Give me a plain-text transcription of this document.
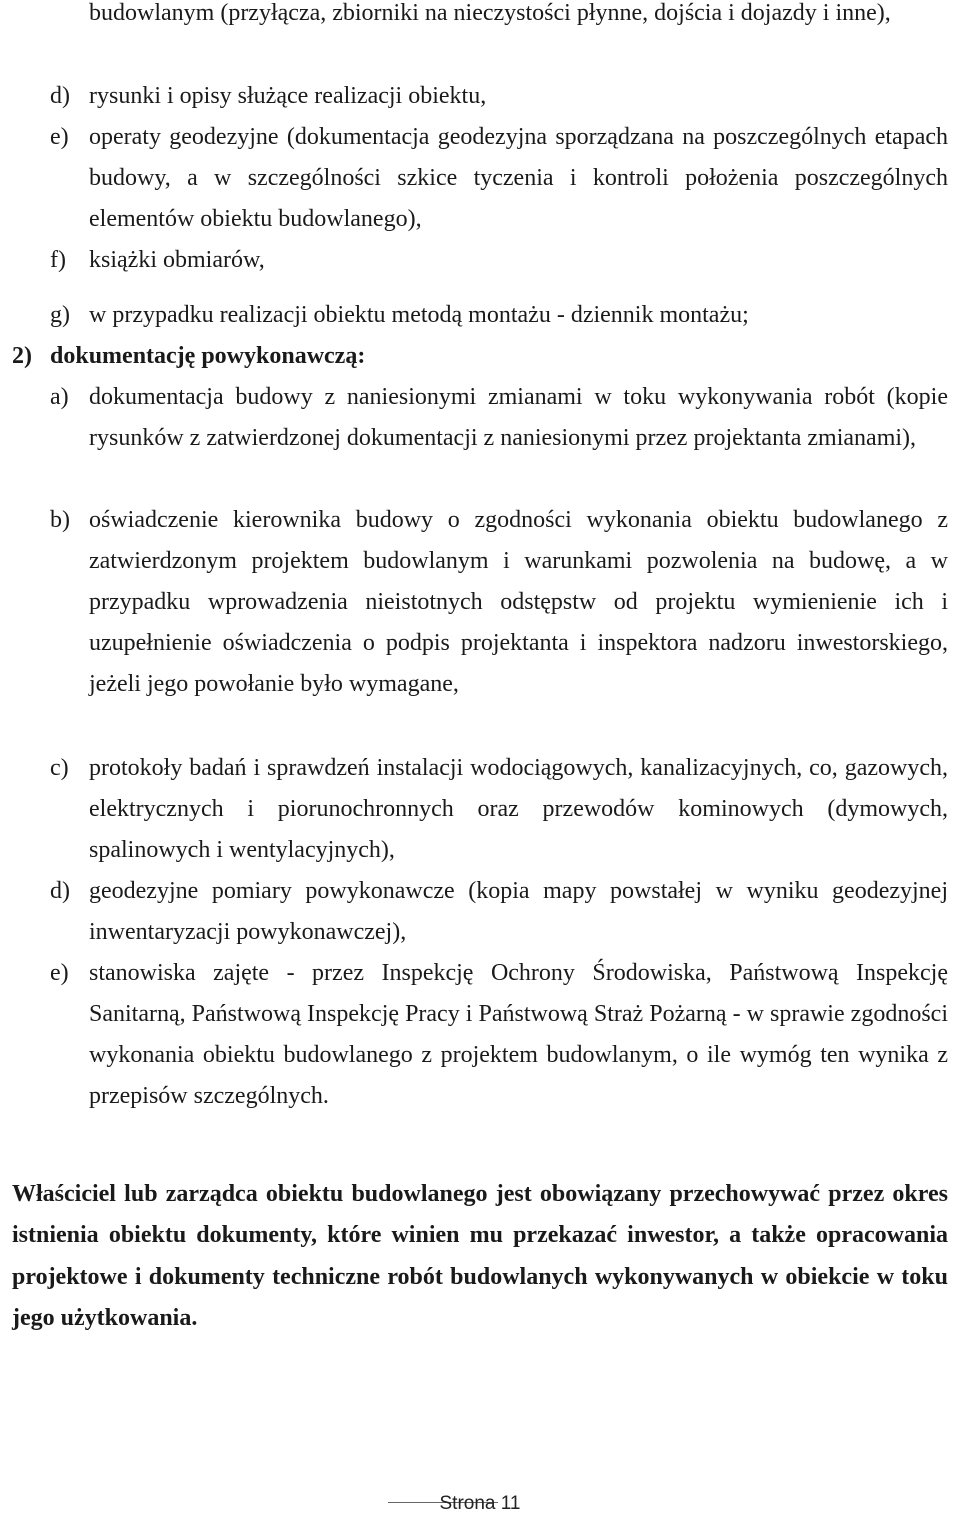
budowlanym (przyłącza, zbiorniki na nieczystości płynne, dojścia i dojazdy i inne),
d) rysunki i opisy służące realizacji obiektu,
e) operaty geodezyjne (dokumentacja geodezyjna sporządzana na poszczególnych etapach budowy, a w szczególności szkice tyczenia i kontroli położenia poszczególnych elementów obiektu budowlanego),
f) książki obmiarów,
g) w przypadku realizacji obiektu metodą montażu - dziennik montażu;
2) dokumentację powykonawczą:
a) dokumentacja budowy z naniesionymi zmianami w toku wykonywania robót (kopie rysunków z zatwierdzonej dokumentacji z naniesionymi przez projektanta zmianami),
b) oświadczenie kierownika budowy o zgodności wykonania obiektu budowlanego z zatwierdzonym projektem budowlanym i warunkami pozwolenia na budowę, a w przypadku wprowadzenia nieistotnych odstępstw od projektu wymienienie ich i uzupełnienie oświadczenia o podpis projektanta i inspektora nadzoru inwestorskiego, jeżeli jego powołanie było wymagane,
c) protokoły badań i sprawdzeń instalacji wodociągowych, kanalizacyjnych, co, gazowych, elektrycznych i piorunochronnych oraz przewodów kominowych (dymowych, spalinowych i wentylacyjnych),
d) geodezyjne pomiary powykonawcze (kopia mapy powstałej w wyniku geodezyjnej inwentaryzacji powykonawczej),
e) stanowiska zajęte - przez Inspekcję Ochrony Środowiska, Państwową Inspekcję Sanitarną, Państwową Inspekcję Pracy i Państwową Straż Pożarną - w sprawie zgodności wykonania obiektu budowlanego z projektem budowlanym, o ile wymóg ten wynika z przepisów szczególnych.
Właściciel lub zarządca obiektu budowlanego jest obowiązany przechowywać przez okres istnienia obiektu dokumenty, które winien mu przekazać inwestor, a także opracowania projektowe i dokumenty techniczne robót budowlanych wykonywanych w obiekcie w toku jego użytkowania.
Strona 11
